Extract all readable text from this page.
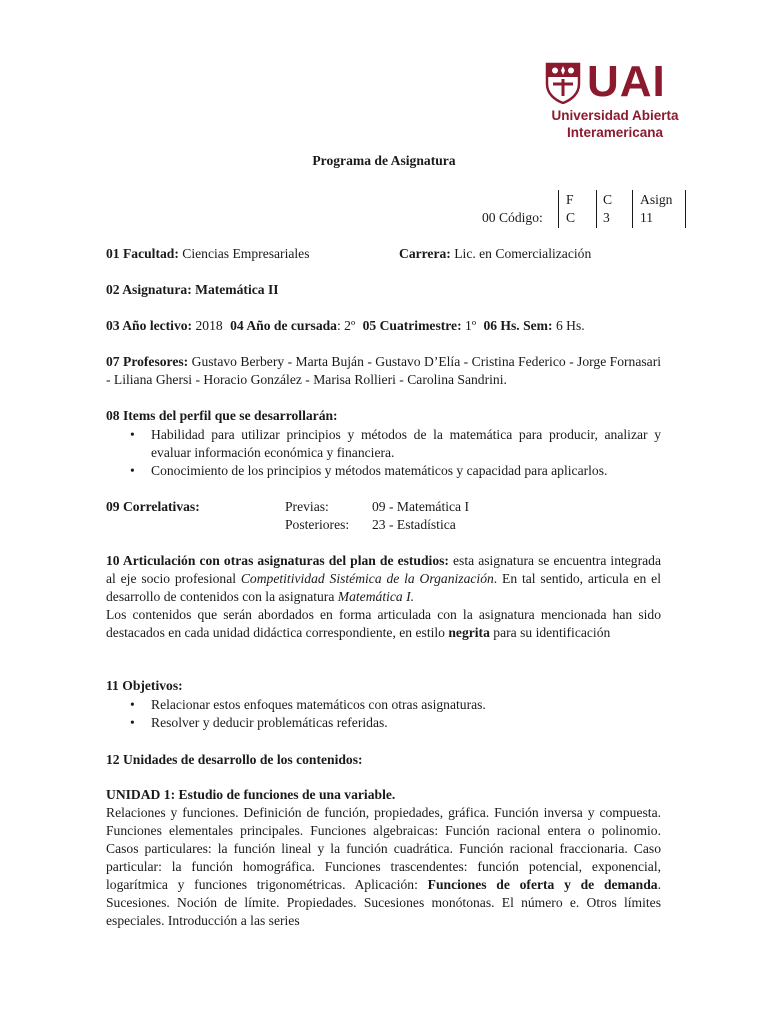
UAI
Universidad Abierta
Interamericana
Programa de Asignatura
00 Código:
F C Asign
C 3 11
01 Facultad: Ciencias Empresariales	Carrera: Lic. en Comercialización
02 Asignatura: Matemática II
03 Año lectivo: 2018 04 Año de cursada: 2º 05 Cuatrimestre: 1º 06 Hs. Sem: 6 Hs.
07 Profesores: Gustavo Berbery - Marta Buján - Gustavo D’Elía - Cristina Federico - Jorge Fornasari - Liliana Ghersi - Horacio González - Marisa Rollieri - Carolina Sandrini.
08 Items del perfil que se desarrollarán:
• Habilidad para utilizar principios y métodos de la matemática para producir, analizar y evaluar información económica y financiera.
• Conocimiento de los principios y métodos matemáticos y capacidad para aplicarlos.
09 Correlativas:	Previas:	09 - Matemática I
Posteriores: 23 - Estadística
10 Articulación con otras asignaturas del plan de estudios: esta asignatura se encuentra integrada al eje socio profesional Competitividad Sistémica de la Organización. En tal sentido, articula en el desarrollo de contenidos con la asignatura Matemática I.
Los contenidos que serán abordados en forma articulada con la asignatura mencionada han sido destacados en cada unidad didáctica correspondiente, en estilo negrita para su identificación
11 Objetivos:
• Relacionar estos enfoques matemáticos con otras asignaturas.
• Resolver y deducir problemáticas referidas.
12 Unidades de desarrollo de los contenidos:
UNIDAD 1: Estudio de funciones de una variable.
Relaciones y funciones. Definición de función, propiedades, gráfica. Función inversa y compuesta. Funciones elementales principales. Funciones algebraicas: Función racional entera o polinomio. Casos particulares: la función lineal y la función cuadrática. Función racional fraccionaria. Caso particular: la función homográfica. Funciones trascendentes: función potencial, exponencial, logarítmica y funciones trigonométricas. Aplicación: Funciones de oferta y de demanda. Sucesiones. Noción de límite. Propiedades. Sucesiones monótonas. El número e. Otros límites especiales. Introducción a las series
